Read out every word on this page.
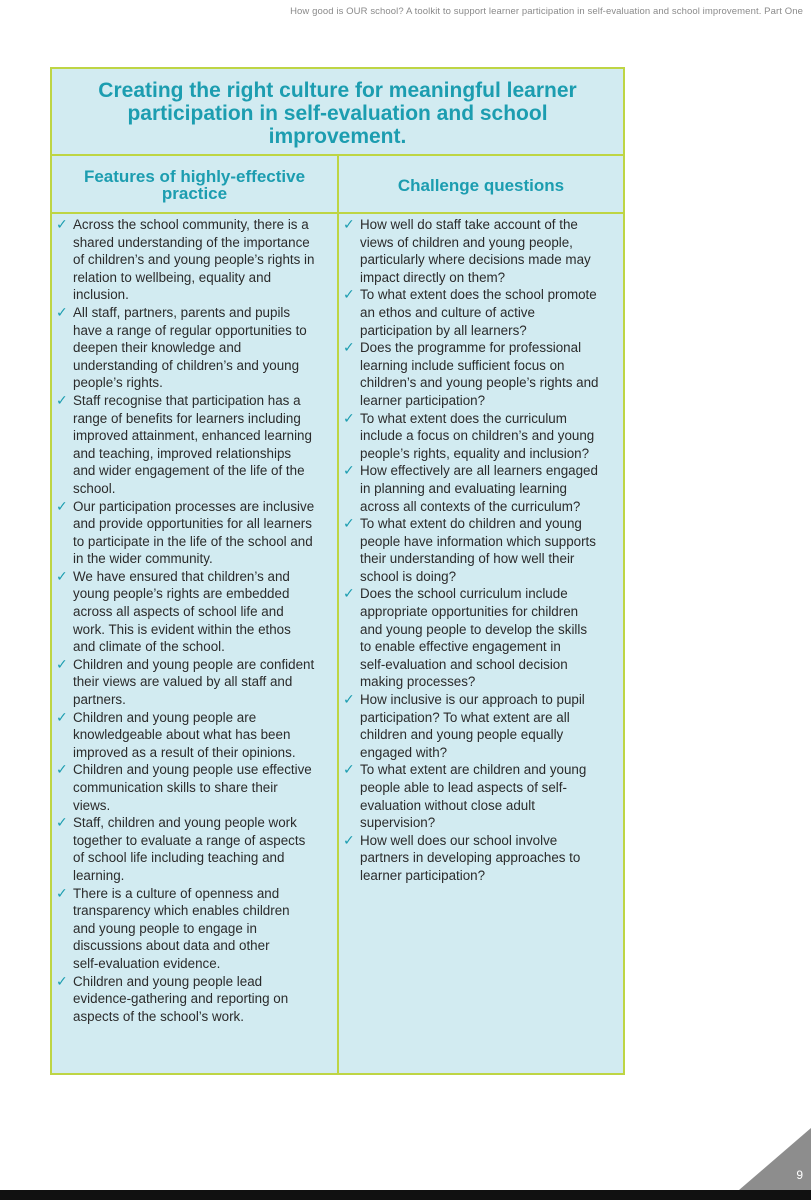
How good is OUR school? A toolkit to support learner participation in self-evaluation and school improvement. Part One
Creating the right culture for meaningful learner
participation in self-evaluation and school
improvement.
Features of highly-effective
practice	Challenge questions
✓ Across the school community, there is a
shared understanding of the importance
of children’s and young people’s rights in
relation to wellbeing, equality and
inclusion.
✓ All staff, partners, parents and pupils
have a range of regular opportunities to
deepen their knowledge and
understanding of children’s and young
people’s rights.
✓ Staff recognise that participation has a
range of benefits for learners including
improved attainment, enhanced learning
and teaching, improved relationships
and wider engagement of the life of the
school.
✓ Our participation processes are inclusive
and provide opportunities for all learners
to participate in the life of the school and
in the wider community.
✓ We have ensured that children’s and
young people’s rights are embedded
across all aspects of school life and
work. This is evident within the ethos
and climate of the school.
✓ Children and young people are confident
their views are valued by all staff and
partners.
✓ Children and young people are
knowledgeable about what has been
improved as a result of their opinions.
✓ Children and young people use effective
communication skills to share their
views.
✓ Staff, children and young people work
together to evaluate a range of aspects
of school life including teaching and
learning.
✓ There is a culture of openness and
transparency which enables children
and young people to engage in
discussions about data and other
self-evaluation evidence.
✓ Children and young people lead
evidence-gathering and reporting on
aspects of the school’s work.
✓ How well do staff take account of the
views of children and young people,
particularly where decisions made may
impact directly on them?
✓ To what extent does the school promote
an ethos and culture of active
participation by all learners?
✓ Does the programme for professional
learning include sufficient focus on
children’s and young people’s rights and
learner participation?
✓ To what extent does the curriculum
include a focus on children’s and young
people’s rights, equality and inclusion?
✓ How effectively are all learners engaged
in planning and evaluating learning
across all contexts of the curriculum?
✓ To what extent do children and young
people have information which supports
their understanding of how well their
school is doing?
✓ Does the school curriculum include
appropriate opportunities for children
and young people to develop the skills
to enable effective engagement in
self-evaluation and school decision
making processes?
✓ How inclusive is our approach to pupil
participation? To what extent are all
children and young people equally
engaged with?
✓ To what extent are children and young
people able to lead aspects of self-
evaluation without close adult
supervision?
✓ How well does our school involve
partners in developing approaches to
learner participation?
9
